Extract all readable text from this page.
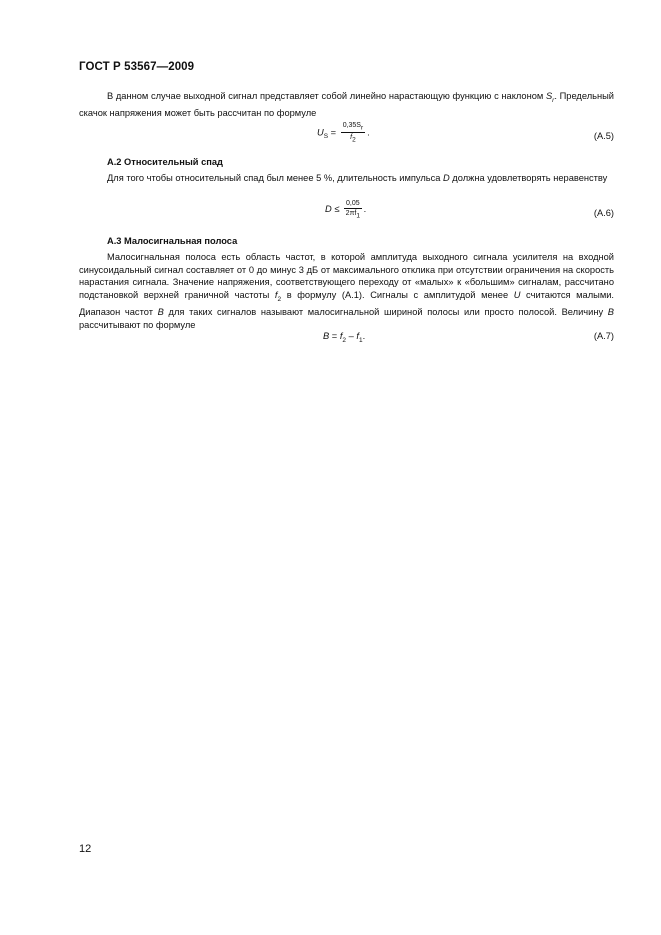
ГОСТ Р 53567—2009
В данном случае выходной сигнал представляет собой линейно нарастающую функцию с наклоном $S_r$. Предельный скачок напряжения может быть рассчитан по формуле
$U_S = \frac{0,35S_r}{f_2}$ .	(A.5)
А.2 Относительный спад
Для того чтобы относительный спад был менее 5 %, длительность импульса D должна удовлетворять неравенству
$D \le \frac{0,05}{2\pi f_1}$ .	(A.6)
А.3 Малосигнальная полоса
Малосигнальная полоса есть область частот, в которой амплитуда выходного сигнала усилителя на входной синусоидальный сигнал составляет от 0 до минус 3 дБ от максимального отклика при отсутствии ограничения на скорость нарастания сигнала. Значение напряжения, соответствующего переходу от «малых» к «большим» сигналам, рассчитано подстановкой верхней граничной частоты $f_2$ в формулу (А.1). Сигналы с амплитудой менее U считаются малыми. Диапазон частот B для таких сигналов называют малосигнальной шириной полосы или просто полосой. Величину B рассчитывают по формуле
$B = f_2 - f_1$.	(A.7)
12
